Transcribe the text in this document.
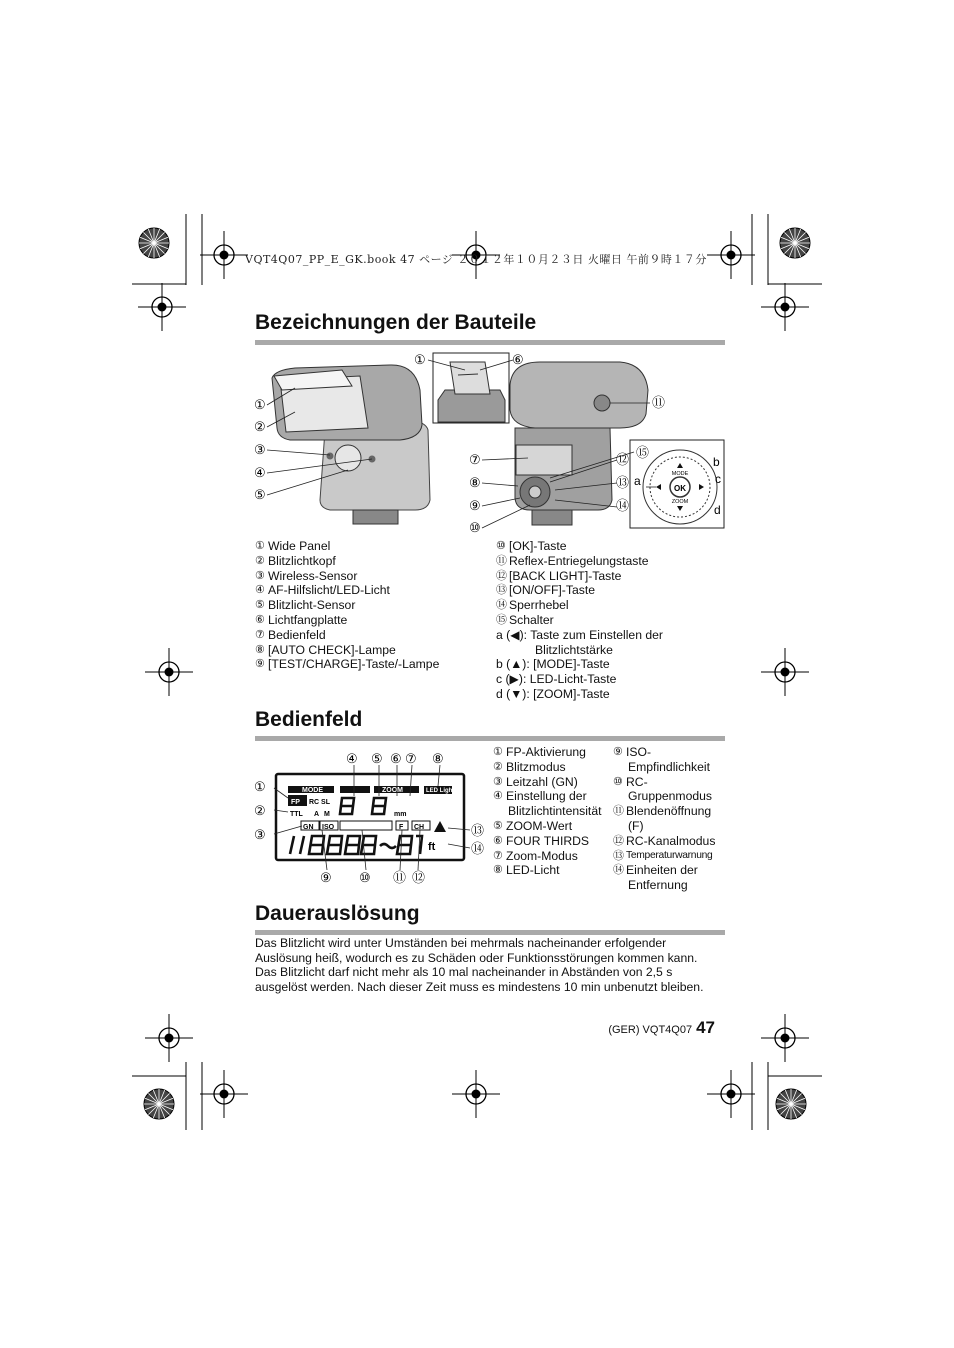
VQT4Q07_PP_E_GK.book 47 ページ ２０１２年１０月２３日 火曜日 午前９時１７分
Bezeichnungen der Bauteile
OK
MODE
ZOOM
①
②
③
④
⑤
①	⑥
⑪
⑦
⑧
⑨
⑩
⑮
⑫
⑬
⑭
a
b
c
d
① Wide Panel
② Blitzlichtkopf
③ Wireless-Sensor
④ AF-Hilfslicht/LED-Licht
⑤ Blitzlicht-Sensor
⑥ Lichtfangplatte
⑦ Bedienfeld
⑧ [AUTO CHECK]-Lampe
⑨ [TEST/CHARGE]-Taste/-Lampe
⑩ [OK]-Taste
⑪ Reflex-Entriegelungstaste
⑫ [BACK LIGHT]-Taste
⑬ [ON/OFF]-Taste
⑭ Sperrhebel
⑮ Schalter
a (◀): Taste zum Einstellen der
Blitzlichtstärke
b (▲): [MODE]-Taste
c (▶): LED-Licht-Taste
d (▼): [ZOOM]-Taste
Bedienfeld
MODE
FP RC SL
TTL A M
ZOOM
mm
LED Light
GN ISO	F CH
ft
①
②
③
④ ⑤ ⑥ ⑦ ⑧
⑨ ⑩ ⑪ ⑫
⑬
⑭
① FP-Aktivierung
② Blitzmodus
③ Leitzahl (GN)
④ Einstellung der
Blitzlichtintensität
⑤ ZOOM-Wert
⑥ FOUR THIRDS
⑦ Zoom-Modus
⑧ LED-Licht
⑨ ISO-
Empfindlichkeit
⑩ RC-
Gruppenmodus
⑪ Blendenöffnung
(F)
⑫ RC-Kanalmodus
⑬ Temperaturwarnung
⑭ Einheiten der
Entfernung
Dauerauslösung
Das Blitzlicht wird unter Umständen bei mehrmals nacheinander erfolgender
Auslösung heiß, wodurch es zu Schäden oder Funktionsstörungen kommen kann.
Das Blitzlicht darf nicht mehr als 10 mal nacheinander in Abständen von 2,5 s
ausgelöst werden. Nach dieser Zeit muss es mindestens 10 min unbenutzt bleiben.
(GER) VQT4Q07 47
